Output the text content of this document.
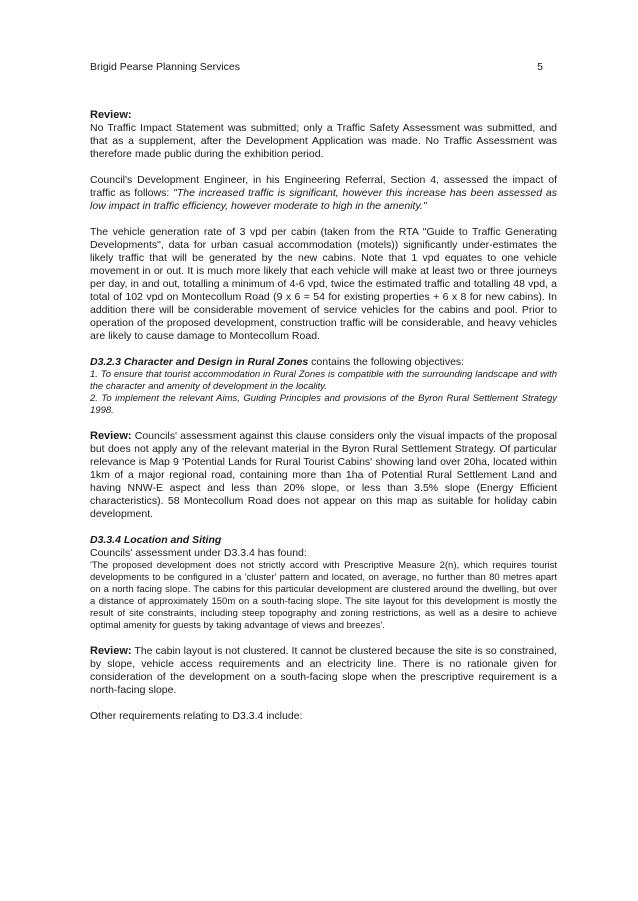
Brigid Pearse Planning Services	5
Review:
No Traffic Impact Statement was submitted; only a Traffic Safety Assessment was submitted, and that as a supplement, after the Development Application was made. No Traffic Assessment was therefore made public during the exhibition period.

Council's Development Engineer, in his Engineering Referral, Section 4, assessed the impact of traffic as follows: "The increased traffic is significant, however this increase has been assessed as low impact in traffic efficiency, however moderate to high in the amenity."

The vehicle generation rate of 3 vpd per cabin (taken from the RTA "Guide to Traffic Generating Developments", data for urban casual accommodation (motels)) significantly under-estimates the likely traffic that will be generated by the new cabins. Note that 1 vpd equates to one vehicle movement in or out. It is much more likely that each vehicle will make at least two or three journeys per day, in and out, totalling a minimum of 4-6 vpd, twice the estimated traffic and totalling 48 vpd, a total of 102 vpd on Montecollum Road (9 x 6 = 54 for existing properties + 6 x 8 for new cabins). In addition there will be considerable movement of service vehicles for the cabins and pool. Prior to operation of the proposed development, construction traffic will be considerable, and heavy vehicles are likely to cause damage to Montecollum Road.

D3.2.3 Character and Design in Rural Zones contains the following objectives:
1. To ensure that tourist accommodation in Rural Zones is compatible with the surrounding landscape and with the character and amenity of development in the locality.
2. To implement the relevant Aims, Guiding Principles and provisions of the Byron Rural Settlement Strategy 1998.

Review: Councils' assessment against this clause considers only the visual impacts of the proposal but does not apply any of the relevant material in the Byron Rural Settlement Strategy. Of particular relevance is Map 9 'Potential Lands for Rural Tourist Cabins' showing land over 20ha, located within 1km of a major regional road, containing more than 1ha of Potential Rural Settlement Land and having NNW-E aspect and less than 20% slope, or less than 3.5% slope (Energy Efficient characteristics). 58 Montecollum Road does not appear on this map as suitable for holiday cabin development.

D3.3.4 Location and Siting
Councils' assessment under D3.3.4 has found:
'The proposed development does not strictly accord with Prescriptive Measure 2(n), which requires tourist developments to be configured in a 'cluster' pattern and located, on average, no further than 80 metres apart on a north facing slope. The cabins for this particular development are clustered around the dwelling, but over a distance of approximately 150m on a south-facing slope. The site layout for this development is mostly the result of site constraints, including steep topography and zoning restrictions, as well as a desire to achieve optimal amenity for guests by taking advantage of views and breezes'.

Review: The cabin layout is not clustered. It cannot be clustered because the site is so constrained, by slope, vehicle access requirements and an electricity line. There is no rationale given for consideration of the development on a south-facing slope when the prescriptive requirement is a north-facing slope.

Other requirements relating to D3.3.4 include:
